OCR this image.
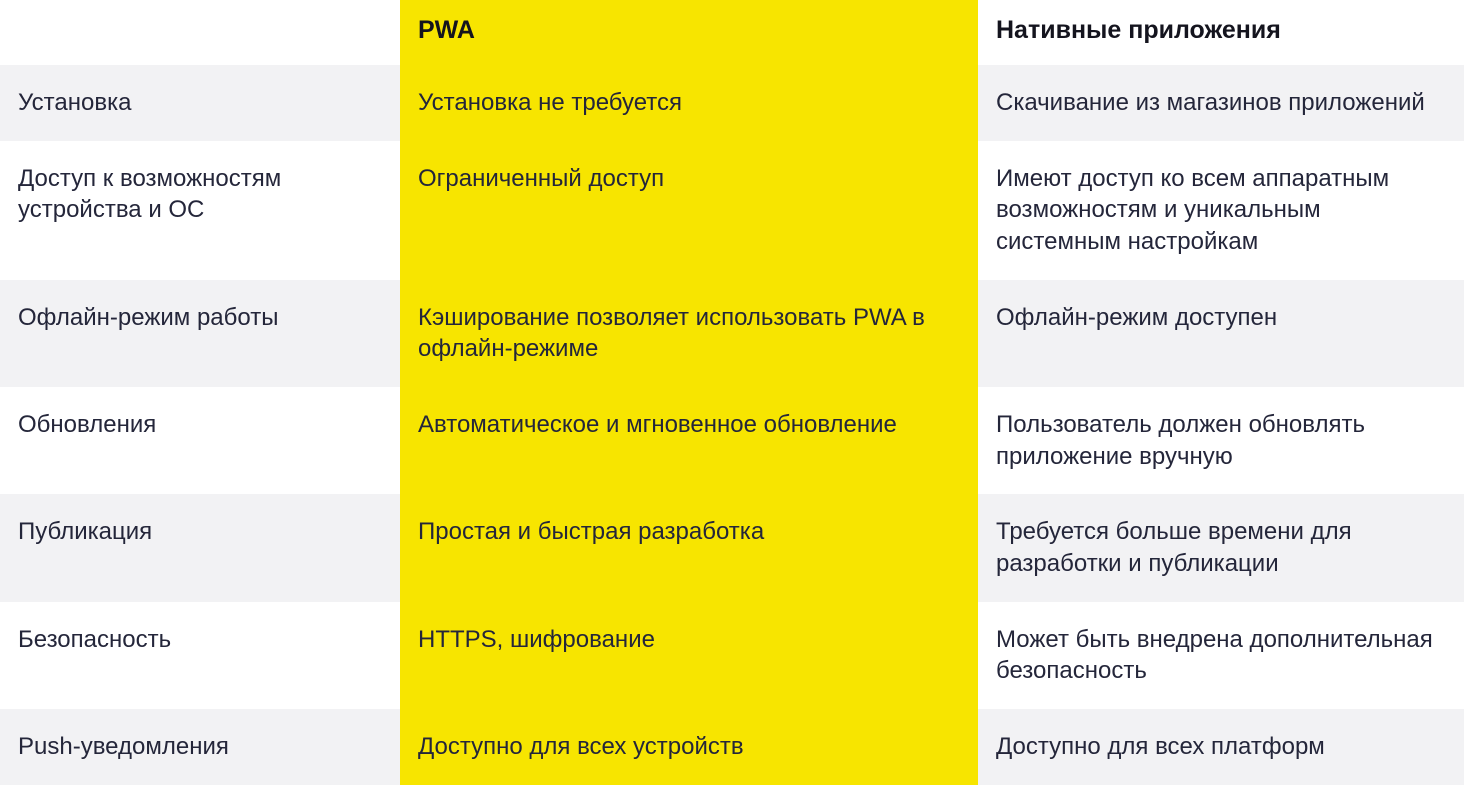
	PWA	Нативные приложения
Установка	Установка не требуется	Скачивание из магазинов приложений
Доступ к возможностям устройства и ОС	Ограниченный доступ	Имеют доступ ко всем аппаратным возможностям и уникальным системным настройкам
Офлайн-режим работы	Кэширование позволяет использовать PWA в офлайн-режиме	Офлайн-режим доступен
Обновления	Автоматическое и мгновенное обновление	Пользователь должен обновлять приложение вручную
Публикация	Простая и быстрая разработка	Требуется больше времени для разработки и публикации
Безопасность	HTTPS, шифрование	Может быть внедрена дополнительная безопасность
Push-уведомления	Доступно для всех устройств	Доступно для всех платформ
